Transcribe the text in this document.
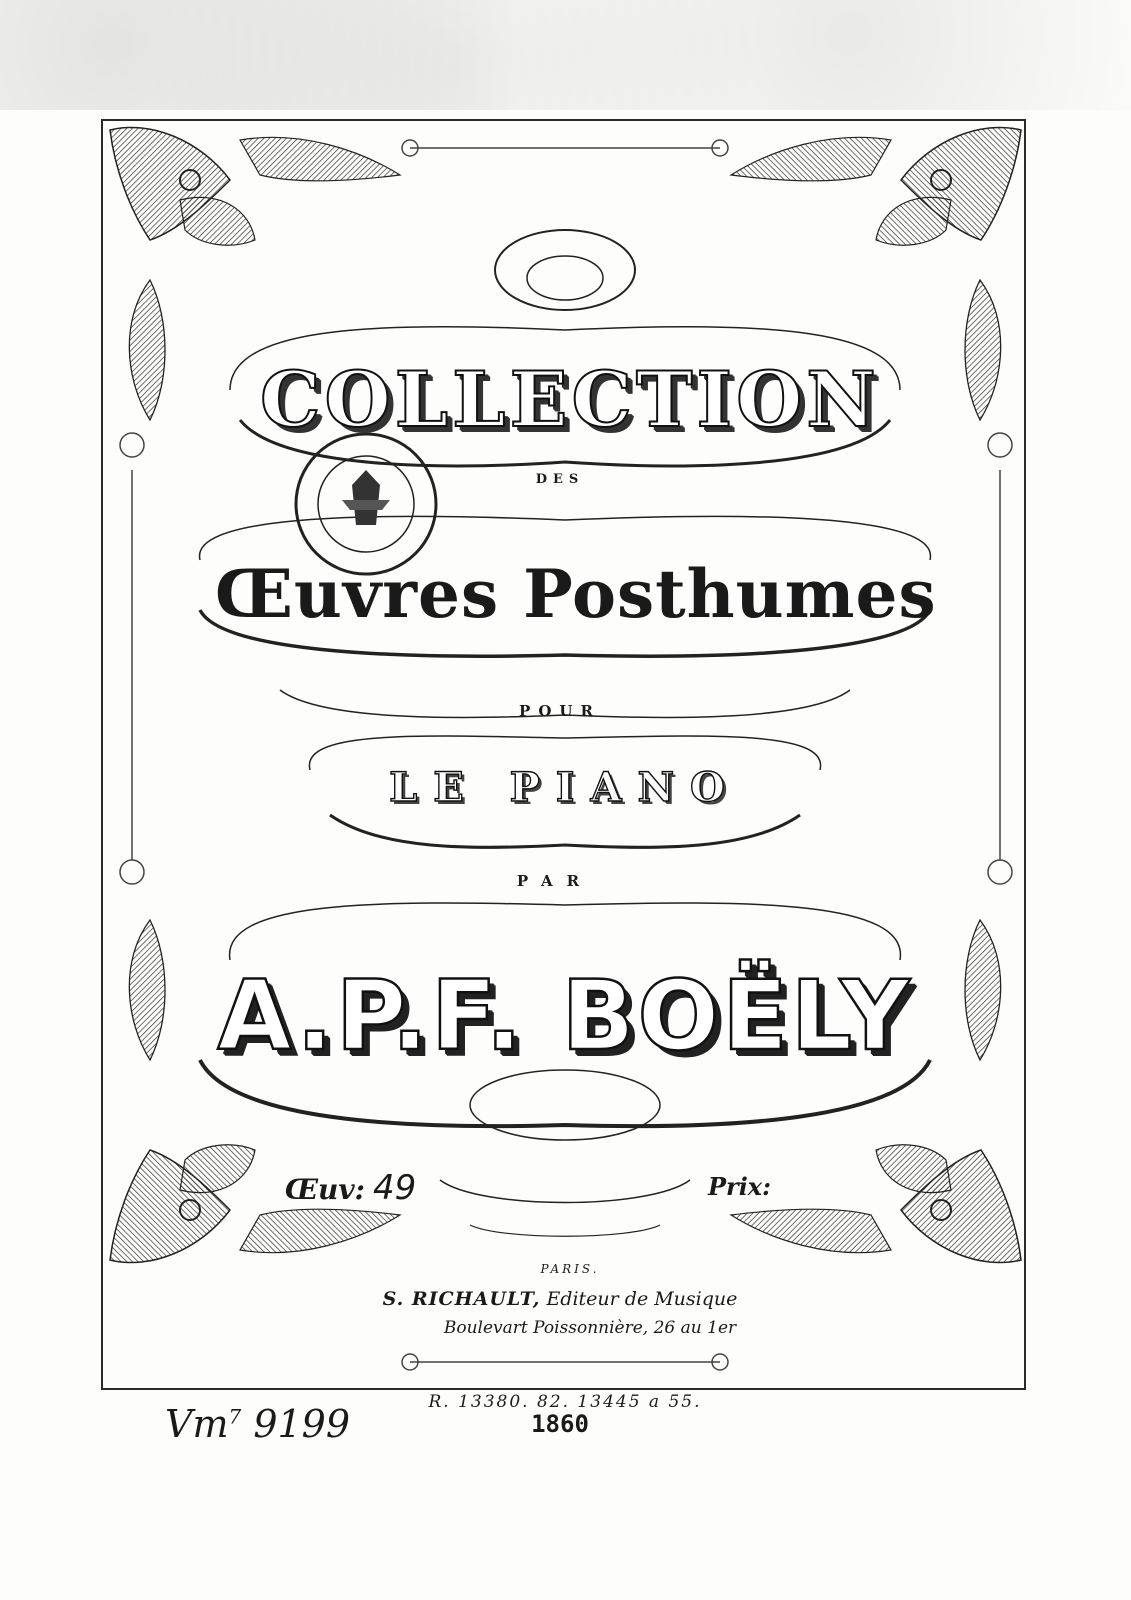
COLLECTION
DES
Œuvres Posthumes
POUR
LE PIANO
PAR
A.P.F. BOËLY
Œuv: 49	Prix:
PARIS.
S. RICHAULT, Editeur de Musique
Boulevart Poissonnière, 26 au 1er
R. 13380. 82. 13445 a 55.
1860
Vm$^7$ 9199
